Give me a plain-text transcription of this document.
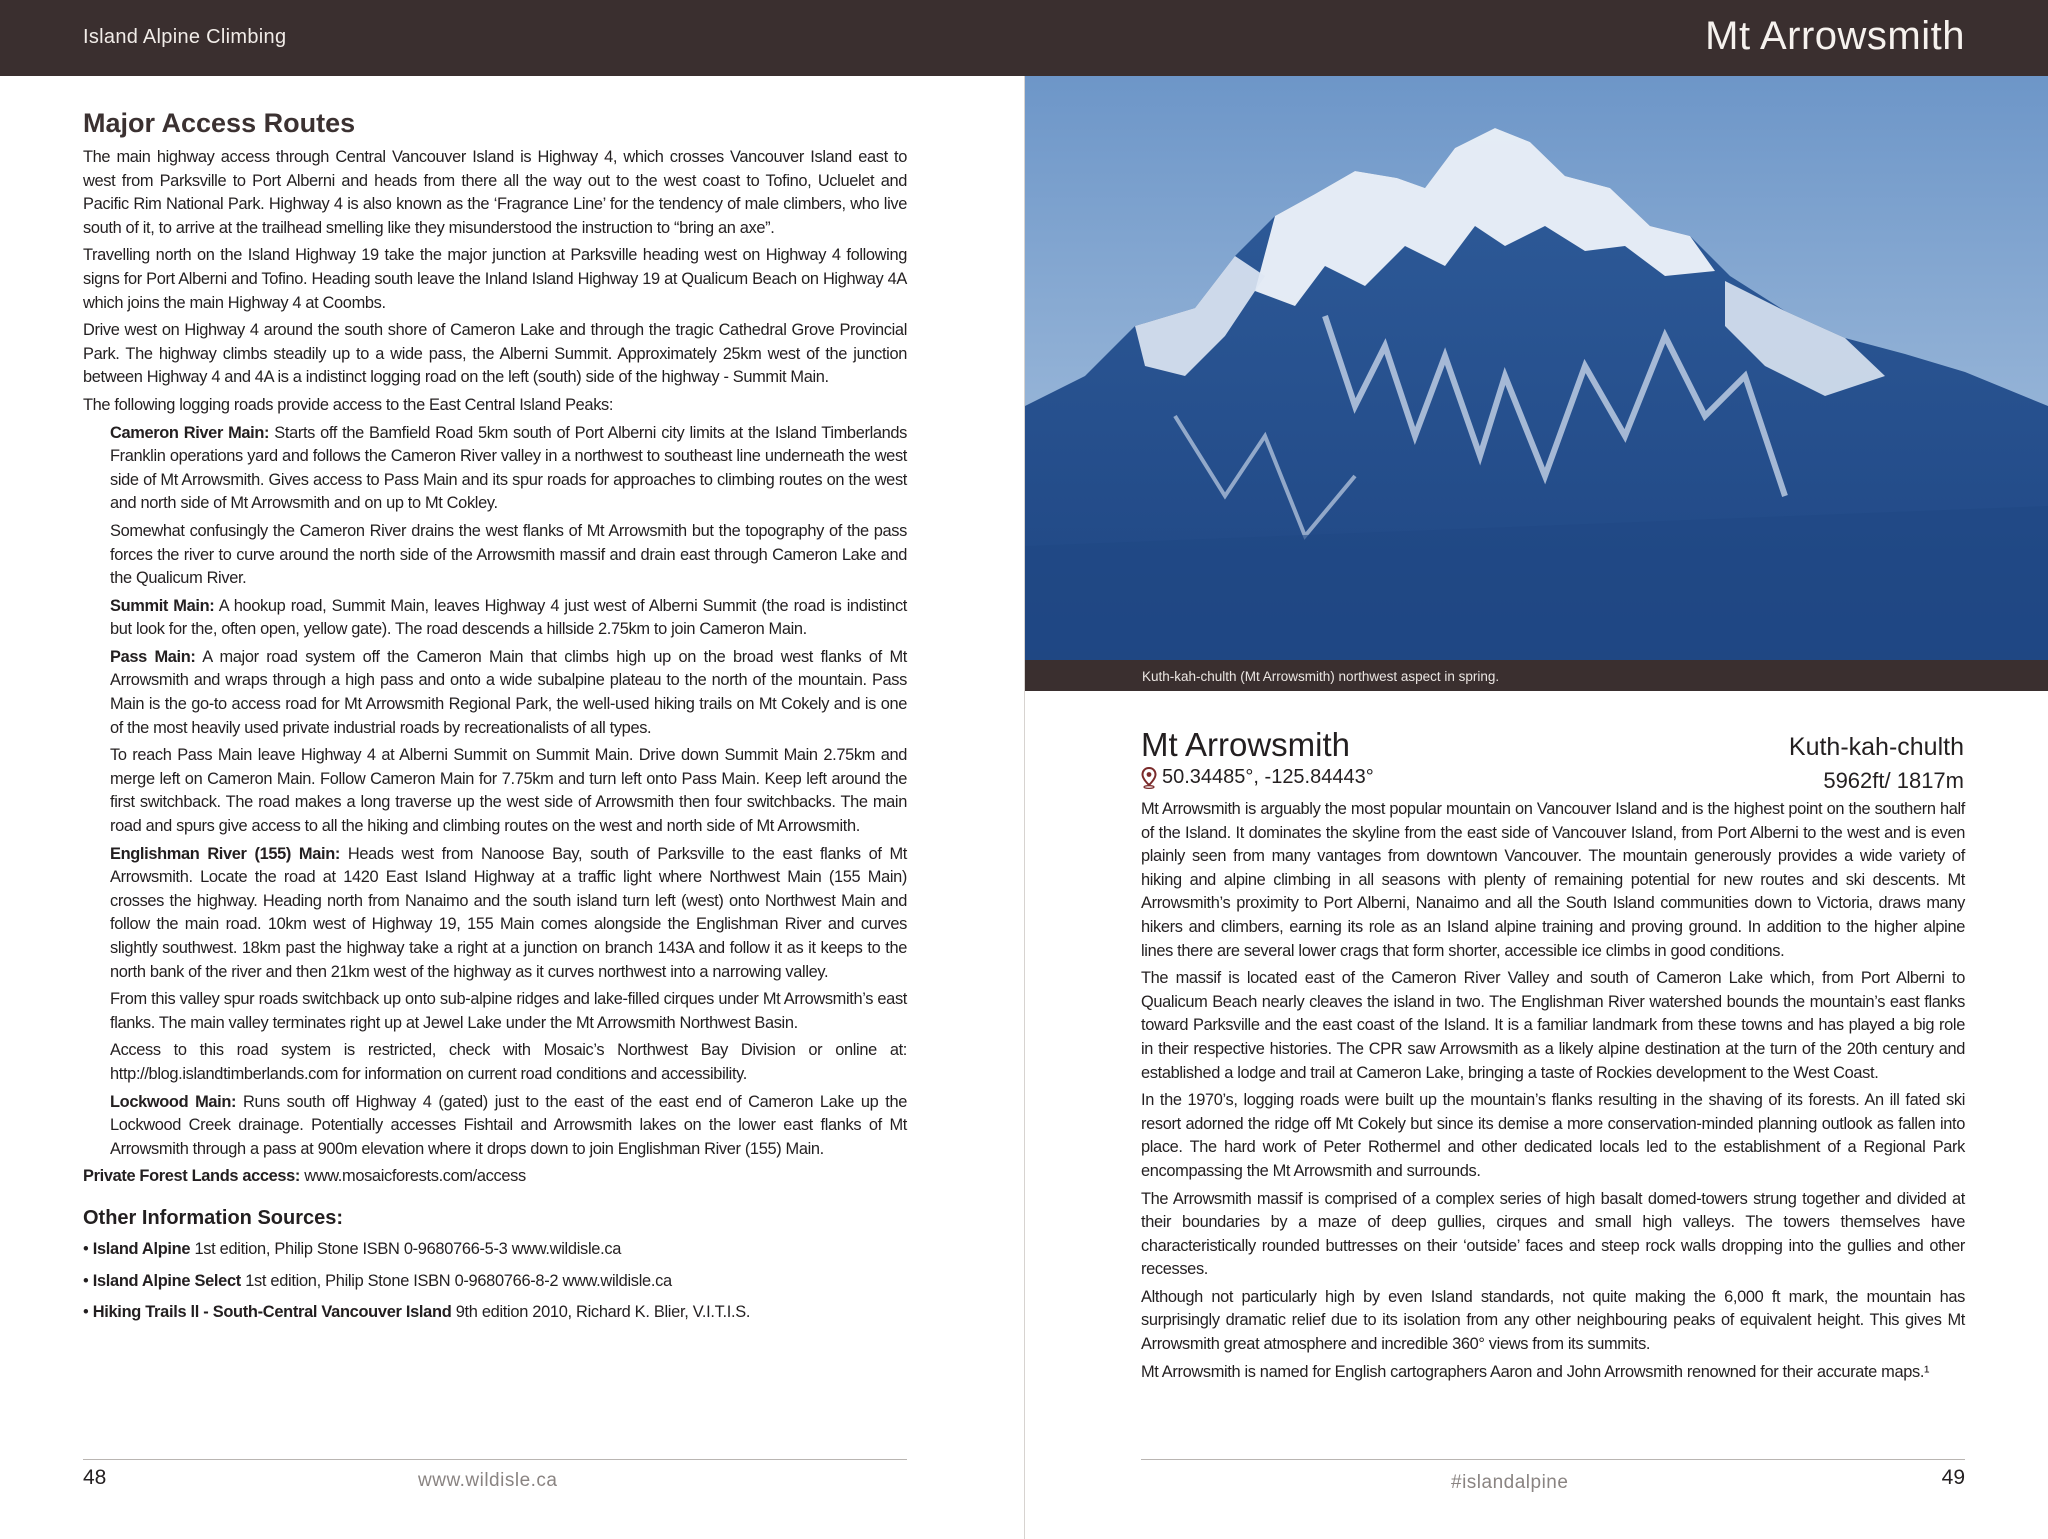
Island Alpine Climbing	Mt Arrowsmith
Major Access Routes

The main highway access through Central Vancouver Island is Highway 4, which crosses Vancouver Island east to west from Parksville to Port Alberni and heads from there all the way out to the west coast to Tofino, Ucluelet and Pacific Rim National Park. Highway 4 is also known as the ‘Fragrance Line’ for the tendency of male climbers, who live south of it, to arrive at the trailhead smelling like they misunderstood the instruction to “bring an axe”.

Travelling north on the Island Highway 19 take the major junction at Parksville heading west on Highway 4 following signs for Port Alberni and Tofino. Heading south leave the Inland Island Highway 19 at Qualicum Beach on Highway 4A which joins the main Highway 4 at Coombs.

Drive west on Highway 4 around the south shore of Cameron Lake and through the tragic Cathedral Grove Provincial Park. The highway climbs steadily up to a wide pass, the Alberni Summit. Approximately 25km west of the junction between Highway 4 and 4A is a indistinct logging road on the left (south) side of the highway - Summit Main.

The following logging roads provide access to the East Central Island Peaks:

Cameron River Main: Starts off the Bamfield Road 5km south of Port Alberni city limits at the Island Timberlands Franklin operations yard and follows the Cameron River valley in a northwest to southeast line underneath the west side of Mt Arrowsmith. Gives access to Pass Main and its spur roads for approaches to climbing routes on the west and north side of Mt Arrowsmith and on up to Mt Cokley.

Somewhat confusingly the Cameron River drains the west flanks of Mt Arrowsmith but the topography of the pass forces the river to curve around the north side of the Arrowsmith massif and drain east through Cameron Lake and the Qualicum River.

Summit Main: A hookup road, Summit Main, leaves Highway 4 just west of Alberni Summit (the road is indistinct but look for the, often open, yellow gate). The road descends a hillside 2.75km to join Cameron Main.

Pass Main: A major road system off the Cameron Main that climbs high up on the broad west flanks of Mt Arrowsmith and wraps through a high pass and onto a wide subalpine plateau to the north of the mountain. Pass Main is the go-to access road for Mt Arrowsmith Regional Park, the well-used hiking trails on Mt Cokely and is one of the most heavily used private industrial roads by recreationalists of all types.

To reach Pass Main leave Highway 4 at Alberni Summit on Summit Main. Drive down Summit Main 2.75km and merge left on Cameron Main. Follow Cameron Main for 7.75km and turn left onto Pass Main. Keep left around the first switchback. The road makes a long traverse up the west side of Arrowsmith then four switchbacks. The main road and spurs give access to all the hiking and climbing routes on the west and north side of Mt Arrowsmith.

Englishman River (155) Main: Heads west from Nanoose Bay, south of Parksville to the east flanks of Mt Arrowsmith. Locate the road at 1420 East Island Highway at a traffic light where Northwest Main (155 Main) crosses the highway. Heading north from Nanaimo and the south island turn left (west) onto Northwest Main and follow the main road. 10km west of Highway 19, 155 Main comes alongside the Englishman River and curves slightly southwest. 18km past the highway take a right at a junction on branch 143A and follow it as it keeps to the north bank of the river and then 21km west of the highway as it curves northwest into a narrowing valley.

From this valley spur roads switchback up onto sub-alpine ridges and lake-filled cirques under Mt Arrowsmith’s east flanks. The main valley terminates right up at Jewel Lake under the Mt Arrowsmith Northwest Basin.

Access to this road system is restricted, check with Mosaic’s Northwest Bay Division or online at: http://blog.islandtimberlands.com for information on current road conditions and accessibility.

Lockwood Main: Runs south off Highway 4 (gated) just to the east of the east end of Cameron Lake up the Lockwood Creek drainage. Potentially accesses Fishtail and Arrowsmith lakes on the lower east flanks of Mt Arrowsmith through a pass at 900m elevation where it drops down to join Englishman River (155) Main.

Private Forest Lands access: www.mosaicforests.com/access

Other Information Sources:
• Island Alpine 1st edition, Philip Stone ISBN 0-9680766-5-3 www.wildisle.ca
• Island Alpine Select 1st edition, Philip Stone ISBN 0-9680766-8-2 www.wildisle.ca
• Hiking Trails ll - South-Central Vancouver Island 9th edition 2010, Richard K. Blier, V.I.T.I.S.
48	www.wildisle.ca
Kuth-kah-chulth (Mt Arrowsmith) northwest aspect in spring.
Mt Arrowsmith	Kuth-kah-chulth
50.34485°, -125.84443°	5962ft/ 1817m

Mt Arrowsmith is arguably the most popular mountain on Vancouver Island and is the highest point on the southern half of the Island. It dominates the skyline from the east side of Vancouver Island, from Port Alberni to the west and is even plainly seen from many vantages from downtown Vancouver. The mountain generously provides a wide variety of hiking and alpine climbing in all seasons with plenty of remaining potential for new routes and ski descents. Mt Arrowsmith’s proximity to Port Alberni, Nanaimo and all the South Island communities down to Victoria, draws many hikers and climbers, earning its role as an Island alpine training and proving ground. In addition to the higher alpine lines there are several lower crags that form shorter, accessible ice climbs in good conditions.

The massif is located east of the Cameron River Valley and south of Cameron Lake which, from Port Alberni to Qualicum Beach nearly cleaves the island in two. The Englishman River watershed bounds the mountain’s east flanks toward Parksville and the east coast of the Island. It is a familiar landmark from these towns and has played a big role in their respective histories. The CPR saw Arrowsmith as a likely alpine destination at the turn of the 20th century and established a lodge and trail at Cameron Lake, bringing a taste of Rockies development to the West Coast.

In the 1970’s, logging roads were built up the mountain’s flanks resulting in the shaving of its forests. An ill fated ski resort adorned the ridge off Mt Cokely but since its demise a more conservation-minded planning outlook as fallen into place. The hard work of Peter Rothermel and other dedicated locals led to the establishment of a Regional Park encompassing the Mt Arrowsmith and surrounds.

The Arrowsmith massif is comprised of a complex series of high basalt domed-towers strung together and divided at their boundaries by a maze of deep gullies, cirques and small high valleys. The towers themselves have characteristically rounded buttresses on their ‘outside’ faces and steep rock walls dropping into the gullies and other recesses.

Although not particularly high by even Island standards, not quite making the 6,000 ft mark, the mountain has surprisingly dramatic relief due to its isolation from any other neighbouring peaks of equivalent height. This gives Mt Arrowsmith great atmosphere and incredible 360° views from its summits.

Mt Arrowsmith is named for English cartographers Aaron and John Arrowsmith renowned for their accurate maps.¹

#islandalpine	49
